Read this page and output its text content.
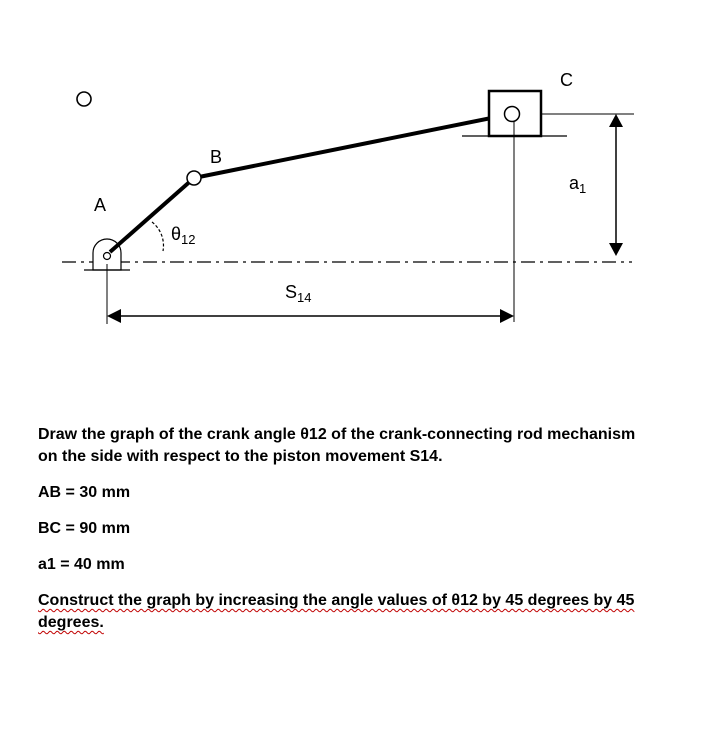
A
B
C
$\theta_{12}$
$S_{14}$
$a_1$

Draw the graph of the crank angle θ12 of the crank-connecting rod mechanism

on the side with respect to the piston movement S14.

AB = 30 mm

BC = 90 mm

a1 = 40 mm

Construct the graph by increasing the angle values of θ12 by 45 degrees by 45

degrees.
